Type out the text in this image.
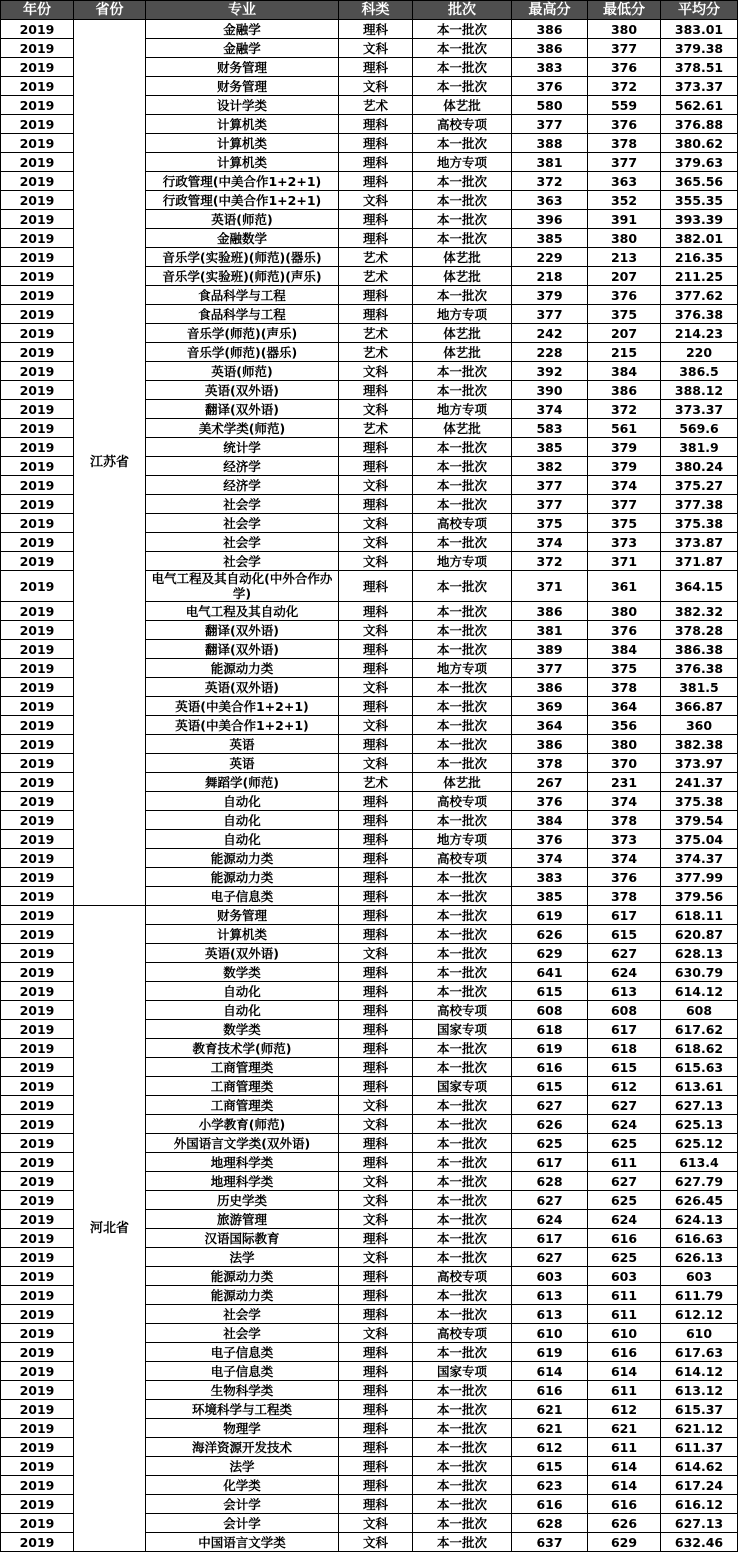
年份	省份	专业	科类	批次	最高分	最低分	平均分
2019	江苏省	金融学	理科	本一批次	386	380	383.01
2019		金融学	文科	本一批次	386	377	379.38
2019		财务管理	理科	本一批次	383	376	378.51
2019		财务管理	文科	本一批次	376	372	373.37
2019		设计学类	艺术	体艺批	580	559	562.61
2019		计算机类	理科	高校专项	377	376	376.88
2019		计算机类	理科	本一批次	388	378	380.62
2019		计算机类	理科	地方专项	381	377	379.63
2019		行政管理(中美合作1+2+1)	理科	本一批次	372	363	365.56
2019		行政管理(中美合作1+2+1)	文科	本一批次	363	352	355.35
2019		英语(师范)	理科	本一批次	396	391	393.39
2019		金融数学	理科	本一批次	385	380	382.01
2019		音乐学(实验班)(师范)(器乐)	艺术	体艺批	229	213	216.35
2019		音乐学(实验班)(师范)(声乐)	艺术	体艺批	218	207	211.25
2019		食品科学与工程	理科	本一批次	379	376	377.62
2019		食品科学与工程	理科	地方专项	377	375	376.38
2019		音乐学(师范)(声乐)	艺术	体艺批	242	207	214.23
2019		音乐学(师范)(器乐)	艺术	体艺批	228	215	220
2019		英语(师范)	文科	本一批次	392	384	386.5
2019		英语(双外语)	理科	本一批次	390	386	388.12
2019		翻译(双外语)	文科	地方专项	374	372	373.37
2019		美术学类(师范)	艺术	体艺批	583	561	569.6
2019		统计学	理科	本一批次	385	379	381.9
2019		经济学	理科	本一批次	382	379	380.24
2019		经济学	文科	本一批次	377	374	375.27
2019		社会学	理科	本一批次	377	377	377.38
2019		社会学	文科	高校专项	375	375	375.38
2019		社会学	文科	本一批次	374	373	373.87
2019		社会学	文科	地方专项	372	371	371.87
2019		电气工程及其自动化(中外合作办学)	理科	本一批次	371	361	364.15
2019		电气工程及其自动化	理科	本一批次	386	380	382.32
2019		翻译(双外语)	文科	本一批次	381	376	378.28
2019		翻译(双外语)	理科	本一批次	389	384	386.38
2019		能源动力类	理科	地方专项	377	375	376.38
2019		英语(双外语)	文科	本一批次	386	378	381.5
2019		英语(中美合作1+2+1)	理科	本一批次	369	364	366.87
2019		英语(中美合作1+2+1)	文科	本一批次	364	356	360
2019		英语	理科	本一批次	386	380	382.38
2019		英语	文科	本一批次	378	370	373.97
2019		舞蹈学(师范)	艺术	体艺批	267	231	241.37
2019		自动化	理科	高校专项	376	374	375.38
2019		自动化	理科	本一批次	384	378	379.54
2019		自动化	理科	地方专项	376	373	375.04
2019		能源动力类	理科	高校专项	374	374	374.37
2019		能源动力类	理科	本一批次	383	376	377.99
2019		电子信息类	理科	本一批次	385	378	379.56
2019	河北省	财务管理	理科	本一批次	619	617	618.11
2019		计算机类	理科	本一批次	626	615	620.87
2019		英语(双外语)	文科	本一批次	629	627	628.13
2019		数学类	理科	本一批次	641	624	630.79
2019		自动化	理科	本一批次	615	613	614.12
2019		自动化	理科	高校专项	608	608	608
2019		数学类	理科	国家专项	618	617	617.62
2019		教育技术学(师范)	理科	本一批次	619	618	618.62
2019		工商管理类	理科	本一批次	616	615	615.63
2019		工商管理类	理科	国家专项	615	612	613.61
2019		工商管理类	文科	本一批次	627	627	627.13
2019		小学教育(师范)	文科	本一批次	626	624	625.13
2019		外国语言文学类(双外语)	理科	本一批次	625	625	625.12
2019		地理科学类	理科	本一批次	617	611	613.4
2019		地理科学类	文科	本一批次	628	627	627.79
2019		历史学类	文科	本一批次	627	625	626.45
2019		旅游管理	文科	本一批次	624	624	624.13
2019		汉语国际教育	理科	本一批次	617	616	616.63
2019		法学	文科	本一批次	627	625	626.13
2019		能源动力类	理科	高校专项	603	603	603
2019		能源动力类	理科	本一批次	613	611	611.79
2019		社会学	理科	本一批次	613	611	612.12
2019		社会学	文科	高校专项	610	610	610
2019		电子信息类	理科	本一批次	619	616	617.63
2019		电子信息类	理科	国家专项	614	614	614.12
2019		生物科学类	理科	本一批次	616	611	613.12
2019		环境科学与工程类	理科	本一批次	621	612	615.37
2019		物理学	理科	本一批次	621	621	621.12
2019		海洋资源开发技术	理科	本一批次	612	611	611.37
2019		法学	理科	本一批次	615	614	614.62
2019		化学类	理科	本一批次	623	614	617.24
2019		会计学	理科	本一批次	616	616	616.12
2019		会计学	文科	本一批次	628	626	627.13
2019		中国语言文学类	文科	本一批次	637	629	632.46
